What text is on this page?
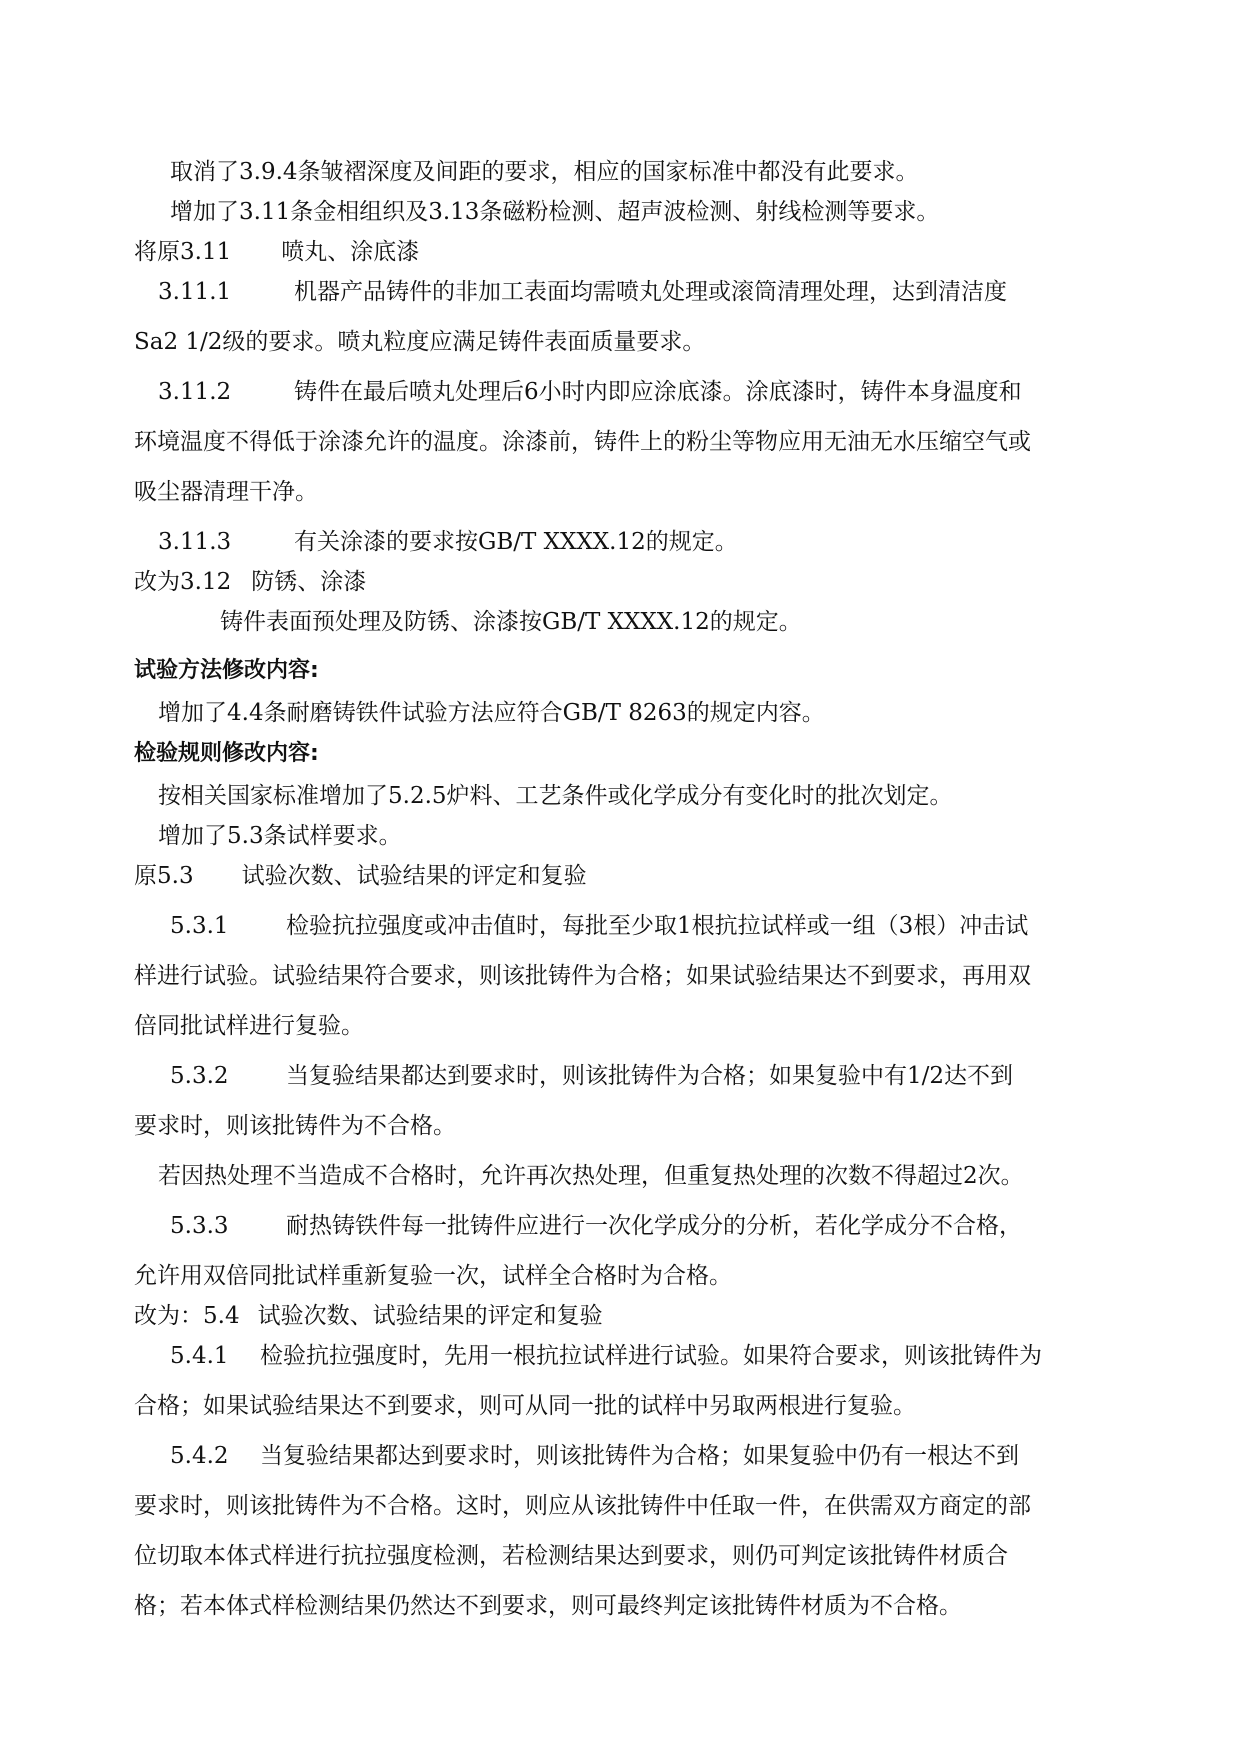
取消了3.9.4条皱褶深度及间距的要求，相应的国家标准中都没有此要求。
增加了3.11条金相组织及3.13条磁粉检测、超声波检测、射线检测等要求。
将原3.11 喷丸、涂底漆
3.11.1	机器产品铸件的非加工表面均需喷丸处理或滚筒清理处理，达到清洁度
Sa2 1/2级的要求。喷丸粒度应满足铸件表面质量要求。
3.11.2	铸件在最后喷丸处理后6小时内即应涂底漆。涂底漆时，铸件本身温度和
环境温度不得低于涂漆允许的温度。涂漆前，铸件上的粉尘等物应用无油无水压缩空气或
吸尘器清理干净。
3.11.3	有关涂漆的要求按GB/T XXXX.12的规定。
改为3.12 防锈、涂漆
铸件表面预处理及防锈、涂漆按GB/T XXXX.12的规定。
试验方法修改内容:
增加了4.4条耐磨铸铁件试验方法应符合GB/T 8263的规定内容。
检验规则修改内容:
按相关国家标准增加了5.2.5炉料、工艺条件或化学成分有变化时的批次划定。
增加了5.3条试样要求。
原5.3 试验次数、试验结果的评定和复验
5.3.1 检验抗拉强度或冲击值时，每批至少取1根抗拉试样或一组（3根）冲击试
样进行试验。试验结果符合要求，则该批铸件为合格；如果试验结果达不到要求，再用双
倍同批试样进行复验。
5.3.2 当复验结果都达到要求时，则该批铸件为合格；如果复验中有1/2达不到
要求时，则该批铸件为不合格。
若因热处理不当造成不合格时，允许再次热处理，但重复热处理的次数不得超过2次。
5.3.3 耐热铸铁件每一批铸件应进行一次化学成分的分析，若化学成分不合格，
允许用双倍同批试样重新复验一次，试样全合格时为合格。
改为：5.4 试验次数、试验结果的评定和复验
5.4.1 检验抗拉强度时，先用一根抗拉试样进行试验。如果符合要求，则该批铸件为
合格；如果试验结果达不到要求，则可从同一批的试样中另取两根进行复验。
5.4.2 当复验结果都达到要求时，则该批铸件为合格；如果复验中仍有一根达不到
要求时，则该批铸件为不合格。这时，则应从该批铸件中任取一件，在供需双方商定的部
位切取本体式样进行抗拉强度检测，若检测结果达到要求，则仍可判定该批铸件材质合
格；若本体式样检测结果仍然达不到要求，则可最终判定该批铸件材质为不合格。
